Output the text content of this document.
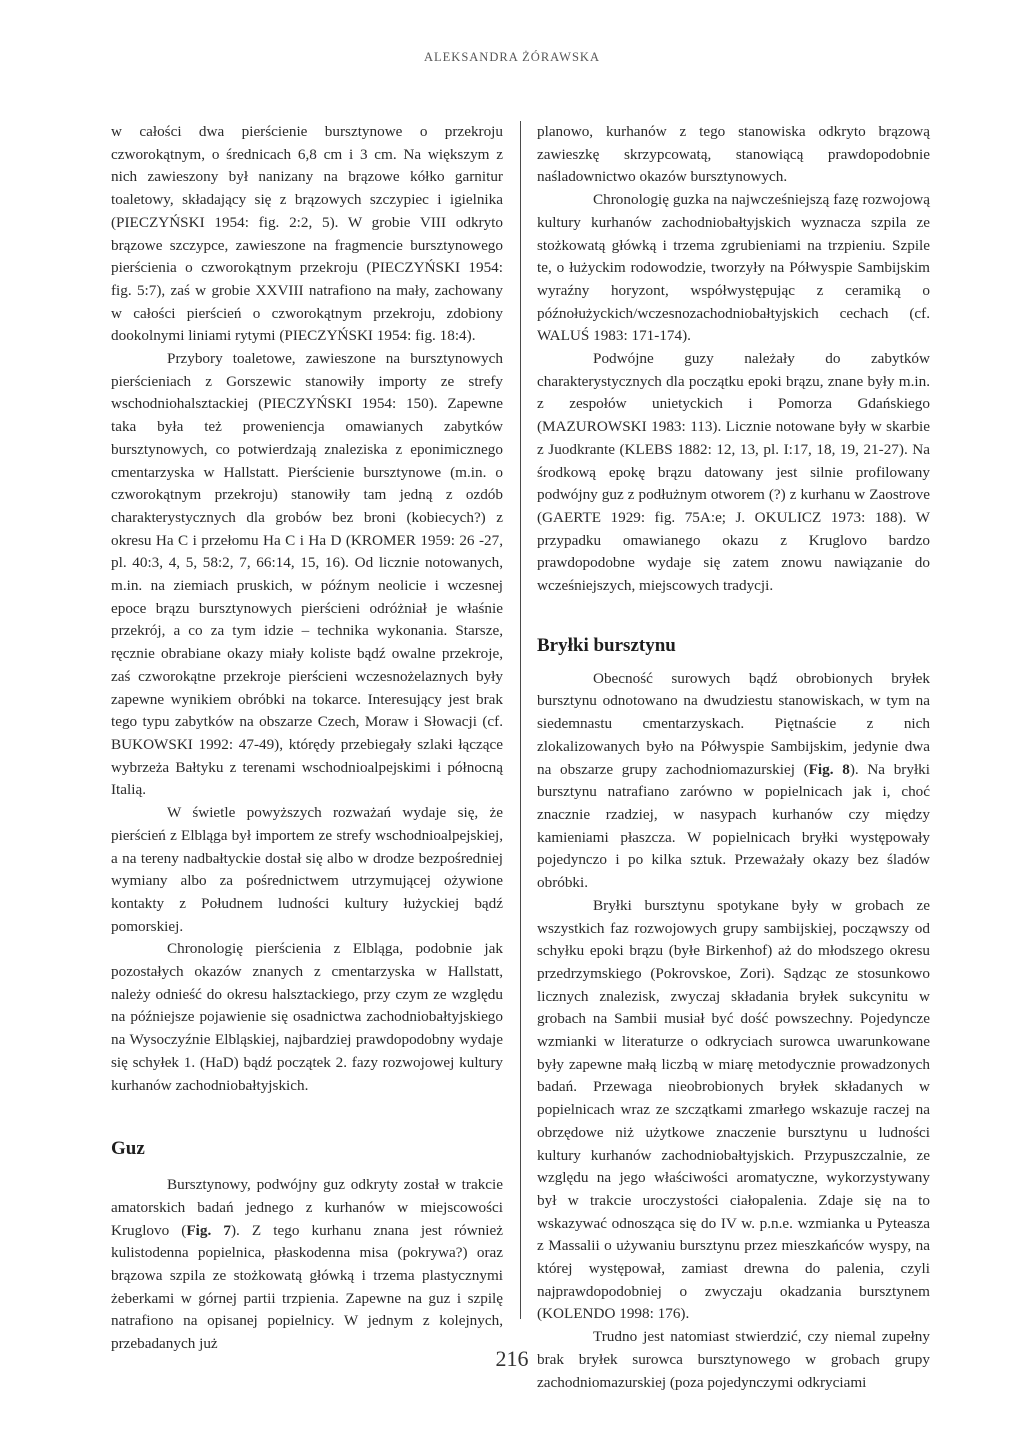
ALEKSANDRA ŻÓRAWSKA

w całości dwa pierścienie bursztynowe o przekroju czworokątnym, o średnicach 6,8 cm i 3 cm. Na większym z nich zawieszony był nanizany na brązowe kółko garnitur toaletowy, składający się z brązowych szczypiec i igielnika (PIECZYŃSKI 1954: fig. 2:2, 5). W grobie VIII odkryto brązowe szczypce, zawieszone na fragmencie bursztynowego pierścienia o czworokątnym przekroju (PIECZYŃSKI 1954: fig. 5:7), zaś w grobie XXVIII natrafiono na mały, zachowany w całości pierścień o czworokątnym przekroju, zdobiony dookolnymi liniami rytymi (PIECZYŃSKI 1954: fig. 18:4).

Przybory toaletowe, zawieszone na bursztynowych pierścieniach z Gorszewic stanowiły importy ze strefy wschodniohalsztackiej (PIECZYŃSKI 1954: 150). Zapewne taka była też proweniencja omawianych zabytków bursztynowych, co potwierdzają znaleziska z eponimicznego cmentarzyska w Hallstatt. Pierścienie bursztynowe (m.in. o czworokątnym przekroju) stanowiły tam jedną z ozdób charakterystycznych dla grobów bez broni (kobiecych?) z okresu Ha C i przełomu Ha C i Ha D (KROMER 1959: 26 -27, pl. 40:3, 4, 5, 58:2, 7, 66:14, 15, 16). Od licznie notowanych, m.in. na ziemiach pruskich, w późnym neolicie i wczesnej epoce brązu bursztynowych pierścieni odróżniał je właśnie przekrój, a co za tym idzie – technika wykonania. Starsze, ręcznie obrabiane okazy miały koliste bądź owalne przekroje, zaś czworokątne przekroje pierścieni wczesnożelaznych były zapewne wynikiem obróbki na tokarce. Interesujący jest brak tego typu zabytków na obszarze Czech, Moraw i Słowacji (cf. BUKOWSKI 1992: 47-49), którędy przebiegały szlaki łączące wybrzeża Bałtyku z terenami wschodnioalpejskimi i północną Italią.

W świetle powyższych rozważań wydaje się, że pierścień z Elbląga był importem ze strefy wschodnioalpejskiej, a na tereny nadbałtyckie dostał się albo w drodze bezpośredniej wymiany albo za pośrednictwem utrzymującej ożywione kontakty z Połudnem ludności kultury łużyckiej bądź pomorskiej.

Chronologię pierścienia z Elbląga, podobnie jak pozostałych okazów znanych z cmentarzyska w Hallstatt, należy odnieść do okresu halsztackiego, przy czym ze względu na późniejsze pojawienie się osadnictwa zachodniobałtyjskiego na Wysoczyźnie Elbląskiej, najbardziej prawdopodobny wydaje się schyłek 1. (HaD) bądź początek 2. fazy rozwojowej kultury kurhanów zachodniobałtyjskich.

Guz

Bursztynowy, podwójny guz odkryty został w trakcie amatorskich badań jednego z kurhanów w miejscowości Kruglovo (Fig. 7). Z tego kurhanu znana jest również kulistodenna popielnica, płaskodenna misa (pokrywa?) oraz brązowa szpila ze stożkowatą główką i trzema plastycznymi żeberkami w górnej partii trzpienia. Zapewne na guz i szpilę natrafiono na opisanej popielnicy. W jednym z kolejnych, przebadanych już

planowo, kurhanów z tego stanowiska odkryto brązową zawieszkę skrzypcowatą, stanowiącą prawdopodobnie naśladownictwo okazów bursztynowych.

Chronologię guzka na najwcześniejszą fazę rozwojową kultury kurhanów zachodniobałtyjskich wyznacza szpila ze stożkowatą główką i trzema zgrubieniami na trzpieniu. Szpile te, o łużyckim rodowodzie, tworzyły na Półwyspie Sambijskim wyraźny horyzont, współwystępując z ceramiką o późnołużyckich/wczesnozachodniobałtyjskich cechach (cf. WALUŚ 1983: 171-174).

Podwójne guzy należały do zabytków charakterystycznych dla początku epoki brązu, znane były m.in. z zespołów unietyckich i Pomorza Gdańskiego (MAZUROWSKI 1983: 113). Licznie notowane były w skarbie z Juodkrante (KLEBS 1882: 12, 13, pl. I:17, 18, 19, 21-27). Na środkową epokę brązu datowany jest silnie profilowany podwójny guz z podłużnym otworem (?) z kurhanu w Zaostrove (GAERTE 1929: fig. 75A:e; J. OKULICZ 1973: 188). W przypadku omawianego okazu z Kruglovo bardzo prawdopodobne wydaje się zatem znowu nawiązanie do wcześniejszych, miejscowych tradycji.

Bryłki bursztynu

Obecność surowych bądź obrobionych bryłek bursztynu odnotowano na dwudziestu stanowiskach, w tym na siedemnastu cmentarzyskach. Piętnaście z nich zlokalizowanych było na Półwyspie Sambijskim, jedynie dwa na obszarze grupy zachodniomazurskiej (Fig. 8). Na bryłki bursztynu natrafiano zarówno w popielnicach jak i, choć znacznie rzadziej, w nasypach kurhanów czy między kamieniami płaszcza. W popielnicach bryłki występowały pojedynczo i po kilka sztuk. Przeważały okazy bez śladów obróbki.

Bryłki bursztynu spotykane były w grobach ze wszystkich faz rozwojowych grupy sambijskiej, począwszy od schyłku epoki brązu (byłe Birkenhof) aż do młodszego okresu przedrzymskiego (Pokrovskoe, Zori). Sądząc ze stosunkowo licznych znalezisk, zwyczaj składania bryłek sukcynitu w grobach na Sambii musiał być dość powszechny. Pojedyncze wzmianki w literaturze o odkryciach surowca uwarunkowane były zapewne małą liczbą w miarę metodycznie prowadzonych badań. Przewaga nieobrobionych bryłek składanych w popielnicach wraz ze szczątkami zmarłego wskazuje raczej na obrzędowe niż użytkowe znaczenie bursztynu u ludności kultury kurhanów zachodniobałtyjskich. Przypuszczalnie, ze względu na jego właściwości aromatyczne, wykorzystywany był w trakcie uroczystości ciałopalenia. Zdaje się na to wskazywać odnosząca się do IV w. p.n.e. wzmianka u Pyteasza z Massalii o używaniu bursztynu przez mieszkańców wyspy, na której występował, zamiast drewna do palenia, czyli najprawdopodobniej o zwyczaju okadzania bursztynem (KOLENDO 1998: 176).

Trudno jest natomiast stwierdzić, czy niemal zupełny brak bryłek surowca bursztynowego w grobach grupy zachodniomazurskiej (poza pojedynczymi odkryciami

216
